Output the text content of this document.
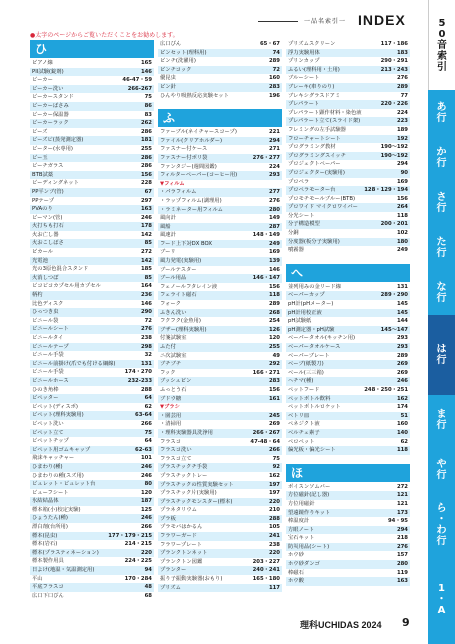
一品名索引一 INDEX
●太字のページからご覧いただくことをお勧めします。
ひ
ピアノ線	165
PII試験(錠剤)	146
ビーカー	46-47・59
ビーカー洗い	266-267
ビーカースタンド	75
ビーカーばさみ	86
ビーカー保温器	83
ビーカーラック	262
ビーズ	286
ビーズビ(蒸発測定器)	181
ビーター(水専用)	255
ビー玉	286
ビーチガラス	286
BTB試薬	156
ビーディングネット	228
PP平ンブ(管)	67
PPテープ	297
PVAのり	163
ビーマン(管)	246
火打ちも打石	178
火お亡し器	142
火おこしばさ	85
ピカール	272
光電池	142
光の3原色混合スタンド	185
火消しつぼ	85
ビコビコカプセル用カプセル	164
柄杓	236
比色ディスク	146
ひっつき虫	290
ビニール袋	72
ビニールシート	276
ビニールタイ	238
ビニールテープ	298
ビニール手袋	32
ビニール前掛け(爪でも付ける綱線)	131
ビニール手袋	174・270
ビニールホース	232-233
ひのき角棒	288
ビペッター	64
ビペット(ディスポ)	62
ビペット(理科実験用)	63-64
ビペット洗い	266
ビペット立て	75
ビペットチップ	64
ビペット用ゴムキャップ	62-63
飛沫キャッチャー	101
ひまわり(種)	246
ひまわりの種(スズ用)	246
ビュレット・ビュレット台	80
ビューフシート	120
氷結結晶体	187
標本箱(小)校定実験)	125
ひょうたん(種)	246
漂白剤(台所用)	266
標本(昆虫)	177・179・215
標本(岩石)	214・215
標本(プラスティネーション)	220
標本製作用具	224・225
日よけ(地温・気温測定用)	94
平山	170・284
平底フラスコ	48
広口下口びん	68
広口びん	65・67
ピンセット(理科用)	74
ピンチ(洗濯用)	289
ピンチコック	72
優昆虫	160
ピン針	283
ひんやり吸熱反応実験セット	196
ふ
ファーブル(ネイチャースコープ)	221
ファイル(クリアホルダー)	294
ファスナー付ケース	271
ファスナー付ポリ袋	276・277
ファンタジー(週間図鑑)	224
フィルターペーパー(コーヒー用)	293
▼フィルム
・パラフィルム	277
・ラップフィルム(調理用)	276
・ラミネーター用フィルム	280
風向計	149
風船	287
風速計	148・149
フード上下対DX BOX	249
ブーリ	169
風力発電(実験用)	139
ブールテスター	146
ブール用品	146・147
フェノールフタレイン液	156
フェライト磁石	118
フォーク	289
ふきん洗い	268
フクフク(金魚用)	254
ブザー(理科実験用)	126
付箋試験室	120
ふた付	255
ニ次試験室	49
ブチブチ	292
フック	166・271
ブッシュピン	283
ふっとう石	156
ブドウ糖	161
▼ブラシ
・園芸用	245
・清掃用	269
・理科実験器具洗浄用	266・267
フラスコ	47-48・64
フラスコ洗い	266
フラスコ立て	75
プラスチックチ手袋	92
プラスチックトレー	162
プラスチックの性質実験セット	197
プラスチック片(実験用)	197
プラスチックモンスター(標本)	220
プラネタリウム	210
プラ板	288
プラモバはかるん	105
フラワーガード	241
フラワープレート	238
プランクトンネット	220
プランクトン図鑑	203・227
プランター	240・241
振り子振動実験器(おもり)	165・180
プリズム	117
プリズムスクリーン	117・186
浮力実験用体	183
プリンカップ	290・291
ふるい(理科用・土用)	213・243
ブルーシート	276
ブレーキ(車りのり)	289
ブレキシグラスドアミ	77
プレパラート	220・226
プレパラート顕作材料・染色液	224
プレパラート立て(スライド架)	223
フレミングの左手試験器	189
フローチャートシート	192
プログラミング教材	190～192
プログラミングスイッチ	190～192
プロジェクトペーパー	294
プロジェクター(実験用)	90
プロペラ	169
プロペラモーター台	128・129・194
プロモチモールブルー(BTB)	156
プロワイド マイクロワイバー	264
分光シート	118
分子構造模型	200・201
分銅	102
分度器(板分子実験用)	180
噴霧器	249
へ
並列用みの金リード線	131
ベーパーカップ	289・290
pH計(pHメーター)	145
pH計用校正液	145
pH試験紙	144
pH測定器・pH試験	145～147
ベーパータオル(キッチン用)	293
ベーパータオルケース	293
ベーパーブレート	289
ベーブ(紙製刀)	269
ベール(三三箱)	269
ヘチマ(種)	246
ペットフード	248・250・251
ペットボトル飲料	162
ペットボトルロケット	174
ベトリ皿	51
ペネジクト液	160
ベルチェ素子	140
ペロペット	62
偏光板・偏光シート	118
ほ
ボイスンソムバー	272
方位磁針(記し器)	121
方位用磁針	121
望遠鏡作りキット	173
棒温度計	94・95
方眼ノート	294
宝石キット	218
防災用品(シート)	276
ホウ砂	157
ホウ砂ダンゴ	280
棒磁石	119
ホウ酸	163
5
0
音
索
引
あ
行
か
行
さ
行
た
行
な
行
は
行
ま
行
や
行
ら
・
わ
行
1
・
A
理科UCHIDAS 2024 9
